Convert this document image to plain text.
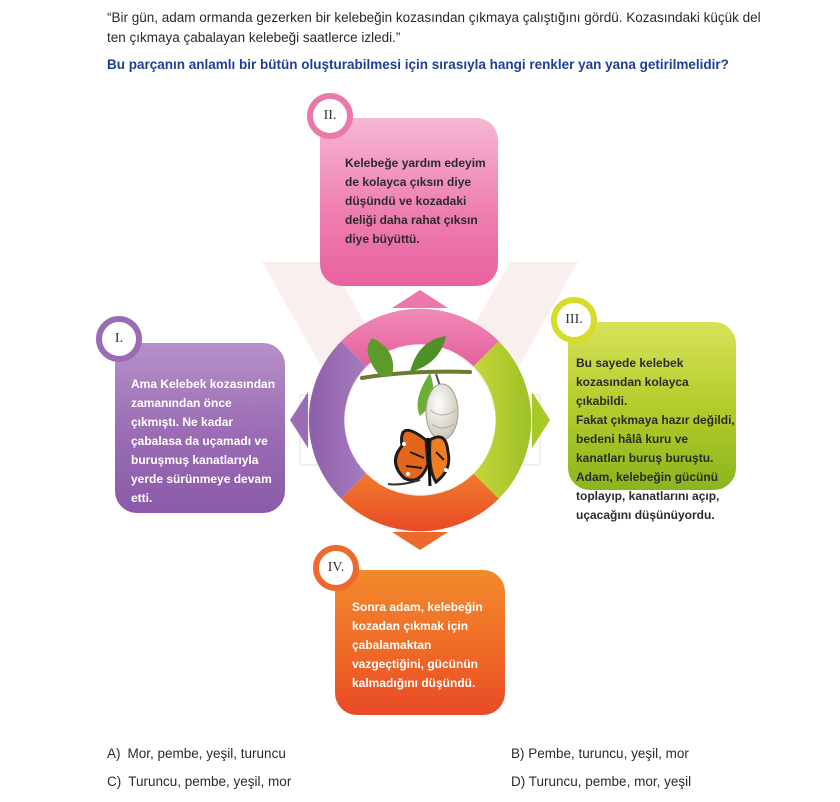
“Bir gün, adam ormanda gezerken bir kelebeğin kozasından çıkmaya çalıştığını gördü. Kozasındaki küçük del
ten çıkmaya çabalayan kelebeği saatlerce izledi.”
Bu parçanın anlamlı bir bütün oluşturabilmesi için sırasıyla hangi renkler yan yana getirilmelidir?
Kelebeğe yardım edeyim
de kolayca çıksın diye
düşündü ve kozadaki
deliği daha rahat çıksın
diye büyüttü.
II.
Ama Kelebek kozasından
zamanından önce
çıkmıştı. Ne kadar
çabalasa da uçamadı ve
buruşmuş kanatlarıyla
yerde sürünmeye devam
etti.
I.
Bu sayede kelebek
kozasından kolayca çıkabildi.
Fakat çıkmaya hazır değildi,
bedeni hâlâ kuru ve
kanatları buruş buruştu.
Adam, kelebeğin gücünü
toplayıp, kanatlarını açıp,
uçacağını düşünüyordu.
III.
Sonra adam, kelebeğin
kozadan çıkmak için
çabalamaktan
vazgeçtiğini, gücünün
kalmadığını düşündü.
IV.
A) Mor, pembe, yeşil, turuncu	B) Pembe, turuncu, yeşil, mor
C) Turuncu, pembe, yeşil, mor	D) Turuncu, pembe, mor, yeşil
